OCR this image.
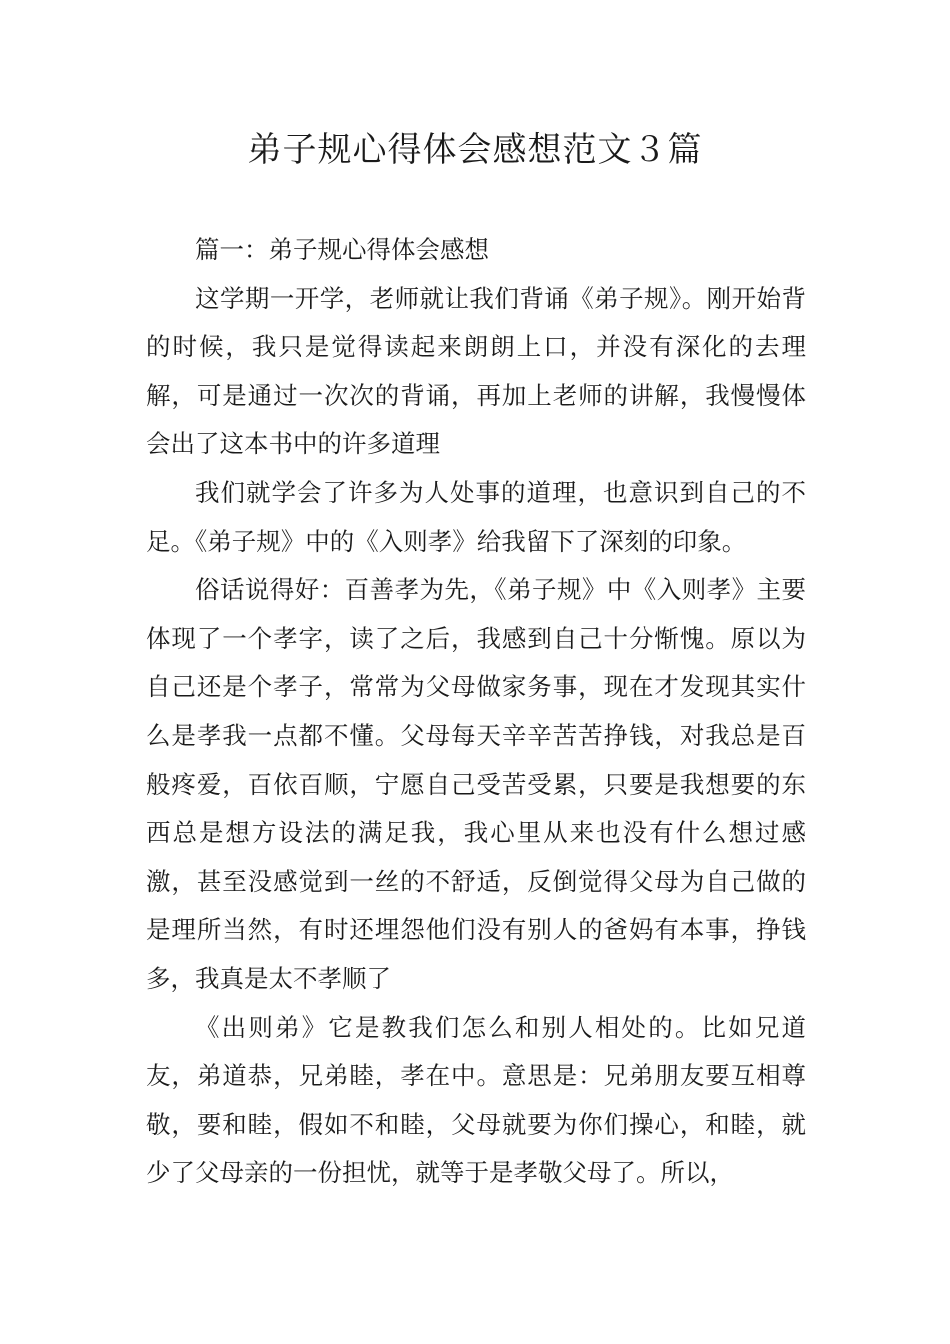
弟子规心得体会感想范文３篇

篇一：弟子规心得体会感想

这学期一开学，老师就让我们背诵《弟子规》。刚开始背的时候，我只是觉得读起来朗朗上口，并没有深化的去理解，可是通过一次次的背诵，再加上老师的讲解，我慢慢体会出了这本书中的许多道理

我们就学会了许多为人处事的道理，也意识到自己的不足。《弟子规》中的《入则孝》给我留下了深刻的印象。

俗话说得好：百善孝为先，《弟子规》中《入则孝》主要体现了一个孝字，读了之后，我感到自己十分惭愧。原以为自己还是个孝子，常常为父母做家务事，现在才发现其实什么是孝我一点都不懂。父母每天辛辛苦苦挣钱，对我总是百般疼爱，百依百顺，宁愿自己受苦受累，只要是我想要的东西总是想方设法的满足我，我心里从来也没有什么想过感激，甚至没感觉到一丝的不舒适，反倒觉得父母为自己做的是理所当然，有时还埋怨他们没有别人的爸妈有本事，挣钱多，我真是太不孝顺了

《出则弟》它是教我们怎么和别人相处的。比如兄道友，弟道恭，兄弟睦，孝在中。意思是：兄弟朋友要互相尊敬，要和睦，假如不和睦，父母就要为你们操心，和睦，就少了父母亲的一份担忧，就等于是孝敬父母了。所以，
